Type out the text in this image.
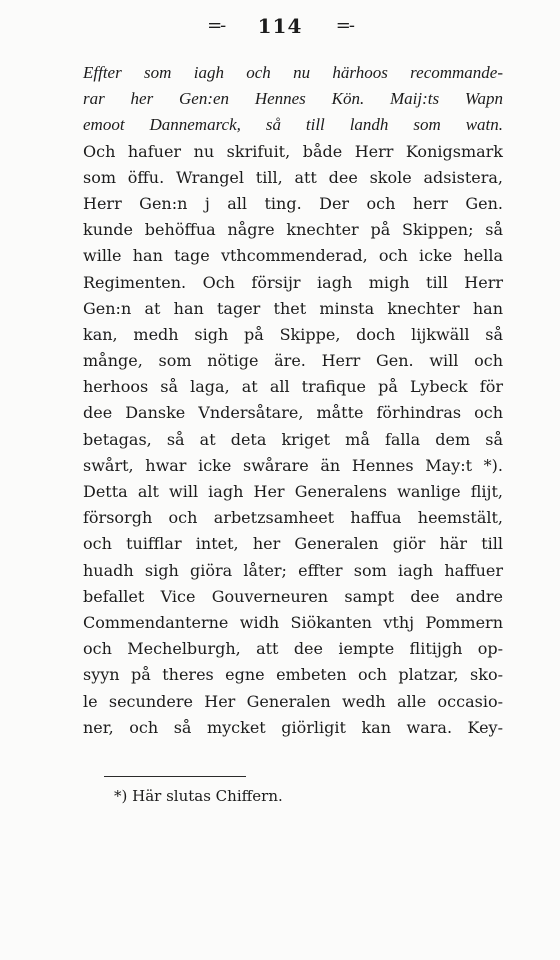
=- 114 =-
Effter som iagh och nu härhoos recommande-
rar her Gen:en Hennes Kön. Maij:ts Wapn
emoot Dannemarck, så till landh som watn.
Och hafuer nu skrifuit, både Herr Konigsmark
som öffu. Wrangel till, att dee skole adsistera,
Herr Gen:n j all ting. Der och herr Gen.
kunde behöffua någre knechter på Skippen; så
wille han tage vthcommenderad, och icke hella
Regimenten. Och försijr iagh migh till Herr
Gen:n at han tager thet minsta knechter han
kan, medh sigh på Skippe, doch lijkwäll så
månge, som nötige äre. Herr Gen. will och
herhoos så laga, at all trafique på Lybeck för
dee Danske Vndersåtare, måtte förhindras och
betagas, så at deta kriget må falla dem så
swårt, hwar icke swårare än Hennes May:t *).
Detta alt will iagh Her Generalens wanlige flijt,
försorgh och arbetzsamheet haffua heemstält,
och tuifflar intet, her Generalen giör här till
huadh sigh giöra låter; effter som iagh haffuer
befallet Vice Gouverneuren sampt dee andre
Commendanterne widh Siökanten vthj Pommern
och Mechelburgh, att dee iempte flitijgh op-
syyn på theres egne embeten och platzar, sko-
le secundere Her Generalen wedh alle occasio-
ner, och så mycket giörligit kan wara. Key-
*) Här slutas Chiffern.
